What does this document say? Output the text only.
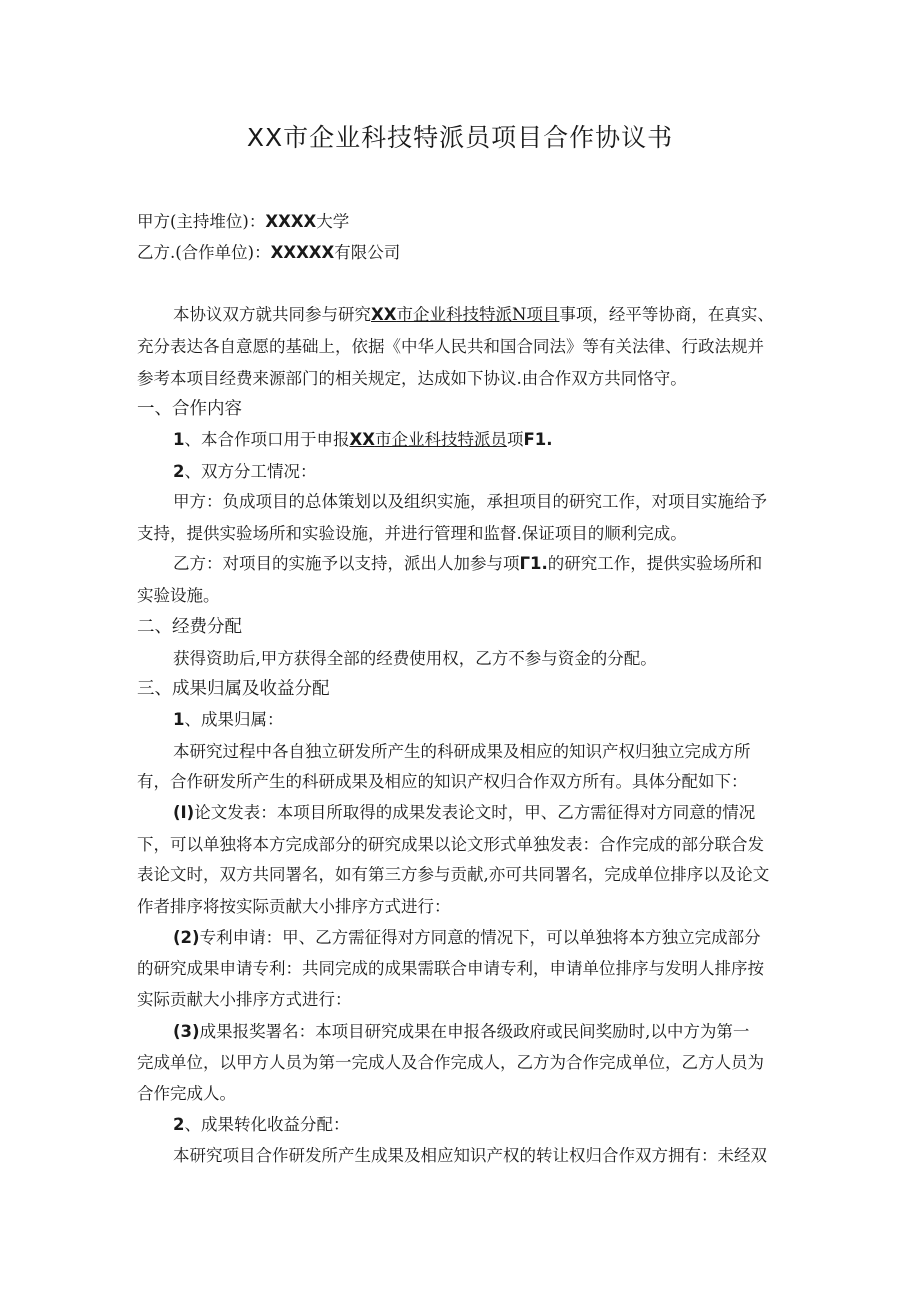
XX市企业科技特派员项目合作协议书
甲方(主持堆位)：XXXX大学
乙方.(合作单位)：XXXXX有限公司
本协议双方就共同参与研究XX市企业科技特派N项目事项，经平等协商，在真实、
充分表达各自意愿的基础上，依据《中华人民共和国合同法》等有关法律、行政法规并
参考本项目经费来源部门的相关规定，达成如下协议.由合作双方共同恪守。
一、合作内容
1、本合作项口用于申报XX市企业科技特派员项F1.
2、双方分工情况：
甲方：负成项目的总体策划以及组织实施，承担项目的研究工作，对项目实施给予
支持，提供实验场所和实验设施，并进行管理和监督.保证项目的顺利完成。
乙方：对项目的实施予以支持，派出人加参与项Γ1.的研究工作，提供实验场所和
实验设施。
二、经费分配
获得资助后,甲方获得全部的经费使用权，乙方不参与资金的分配。
三、成果归属及收益分配
1、成果归属：
本研究过程中各自独立研发所产生的科研成果及相应的知识产权归独立完成方所
有，合作研发所产生的科研成果及相应的知识产权归合作双方所有。具体分配如下：
(I)论文发表：本项目所取得的成果发表论文时，甲、乙方需征得对方同意的情况
下，可以单独将本方完成部分的研究成果以论文形式单独发表：合作完成的部分联合发
表论文时，双方共同署名，如有第三方参与贡献,亦可共同署名，完成单位排序以及论文
作者排序将按实际贡献大小排序方式进行：
(2)专利申请：甲、乙方需征得对方同意的情况下，可以单独将本方独立完成部分
的研究成果申请专利：共同完成的成果需联合申请专利，申请单位排序与发明人排序按
实际贡献大小排序方式进行：
(3)成果报奖署名：本项目研究成果在申报各级政府或民间奖励时,以中方为第一
完成单位，以甲方人员为第一完成人及合作完成人，乙方为合作完成单位，乙方人员为
合作完成人。
2、成果转化收益分配：
本研究项目合作研发所产生成果及相应知识产权的转让权归合作双方拥有：未经双
